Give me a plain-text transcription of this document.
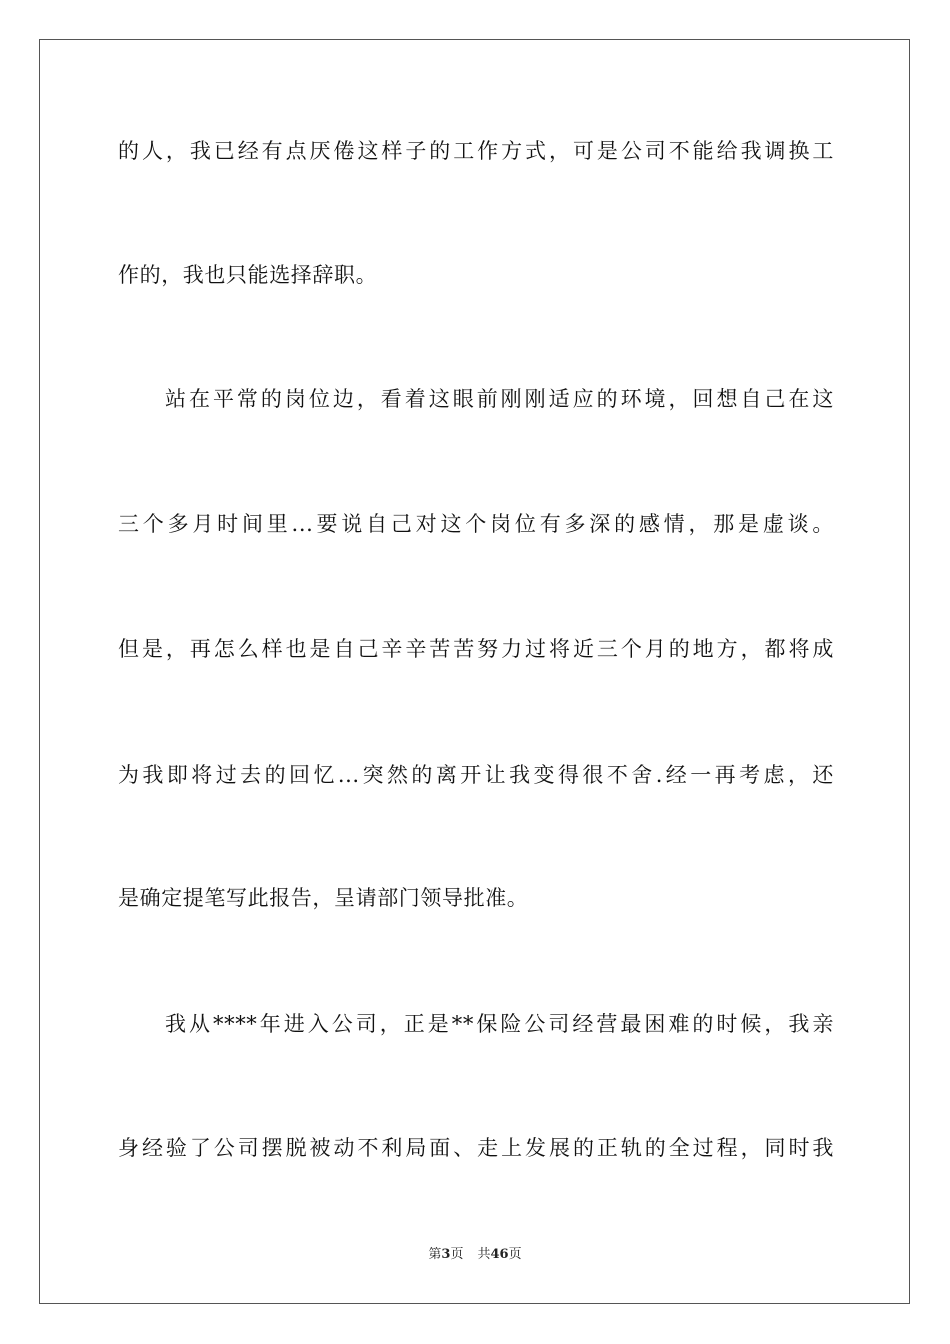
的人，我已经有点厌倦这样子的工作方式，可是公司不能给我调换工
作的，我也只能选择辞职。
站在平常的岗位边，看着这眼前刚刚适应的环境，回想自己在这
三个多月时间里...要说自己对这个岗位有多深的感情，那是虚谈。
但是，再怎么样也是自己辛辛苦苦努力过将近三个月的地方，都将成
为我即将过去的回忆...突然的离开让我变得很不舍.经一再考虑，还
是确定提笔写此报告，呈请部门领导批准。
我从****年进入公司，正是**保险公司经营最困难的时候，我亲
身经验了公司摆脱被动不利局面、走上发展的正轨的全过程，同时我
第3页 共46页
